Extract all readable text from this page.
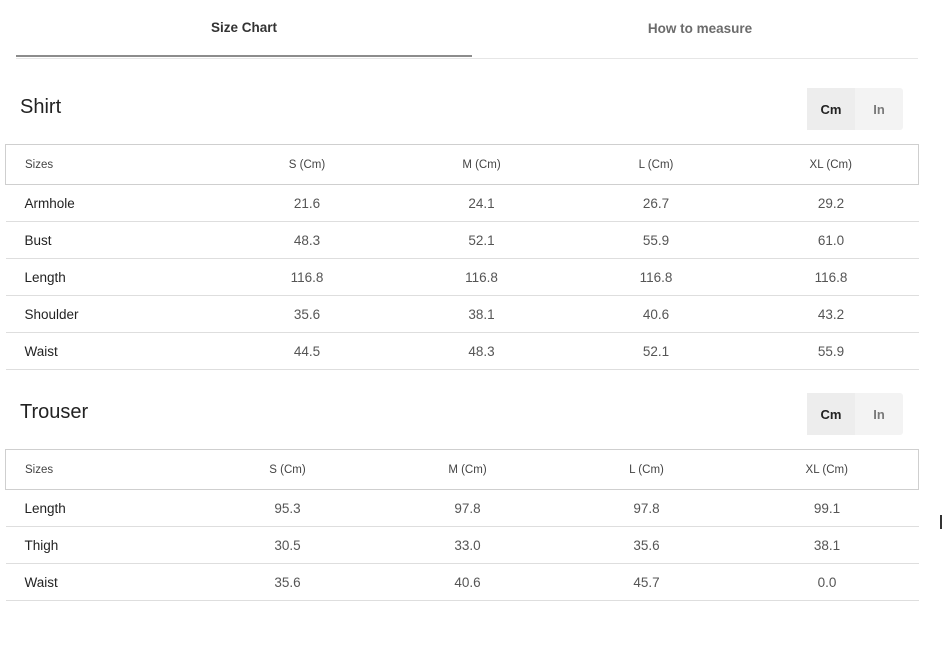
Size Chart	How to measure
Shirt	Cm	In
Sizes	S (Cm)	M (Cm)	L (Cm)	XL (Cm)
Armhole	21.6	24.1	26.7	29.2
Bust	48.3	52.1	55.9	61.0
Length	116.8	116.8	116.8	116.8
Shoulder	35.6	38.1	40.6	43.2
Waist	44.5	48.3	52.1	55.9
Trouser	Cm	In
Sizes	S (Cm)	M (Cm)	L (Cm)	XL (Cm)
Length	95.3	97.8	97.8	99.1
Thigh	30.5	33.0	35.6	38.1
Waist	35.6	40.6	45.7	0.0
